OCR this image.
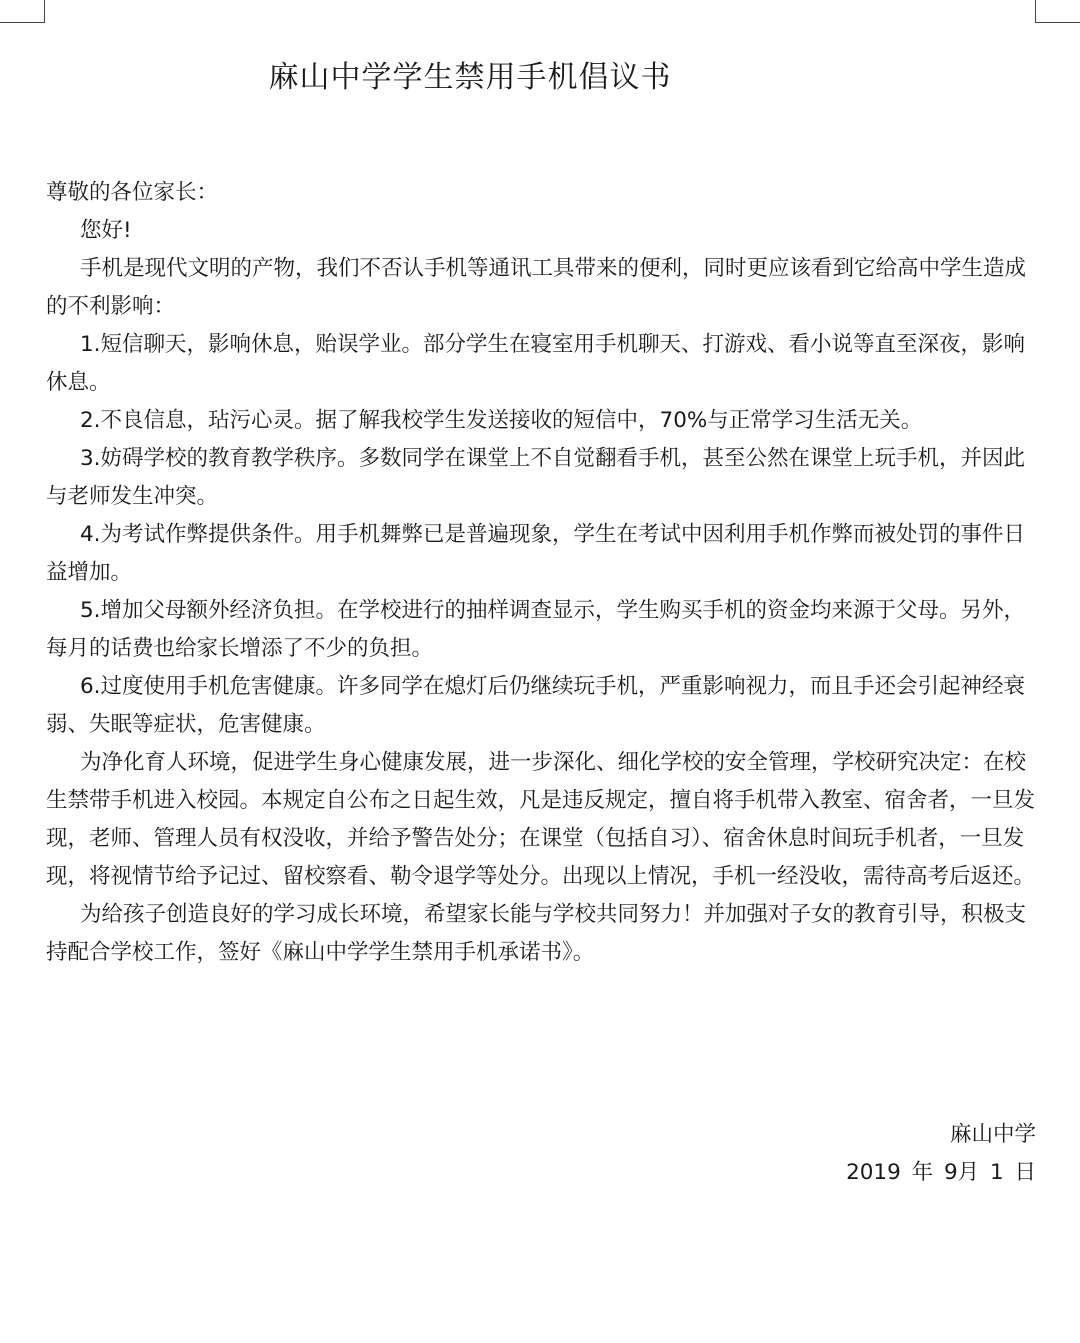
麻山中学学生禁用手机倡议书

尊敬的各位家长：

您好!

手机是现代文明的产物，我们不否认手机等通讯工具带来的便利，同时更应该看到它给高中学生造成的不利影响：

1.短信聊天，影响休息，贻误学业。部分学生在寝室用手机聊天、打游戏、看小说等直至深夜，影响休息。

2.不良信息，玷污心灵。据了解我校学生发送接收的短信中，70%与正常学习生活无关。

3.妨碍学校的教育教学秩序。多数同学在课堂上不自觉翻看手机，甚至公然在课堂上玩手机，并因此与老师发生冲突。

4.为考试作弊提供条件。用手机舞弊已是普遍现象，学生在考试中因利用手机作弊而被处罚的事件日益增加。

5.增加父母额外经济负担。在学校进行的抽样调查显示，学生购买手机的资金均来源于父母。另外，每月的话费也给家长增添了不少的负担。

6.过度使用手机危害健康。许多同学在熄灯后仍继续玩手机，严重影响视力，而且手还会引起神经衰弱、失眠等症状，危害健康。

为净化育人环境，促进学生身心健康发展，进一步深化、细化学校的安全管理，学校研究决定：在校生禁带手机进入校园。本规定自公布之日起生效，凡是违反规定，擅自将手机带入教室、宿舍者，一旦发现，老师、管理人员有权没收，并给予警告处分；在课堂（包括自习）、宿舍休息时间玩手机者，一旦发现，将视情节给予记过、留校察看、勒令退学等处分。出现以上情况，手机一经没收，需待高考后返还。

为给孩子创造良好的学习成长环境，希望家长能与学校共同努力！并加强对子女的教育引导，积极支持配合学校工作，签好《麻山中学学生禁用手机承诺书》。

麻山中学
2019 年 9月 1 日
